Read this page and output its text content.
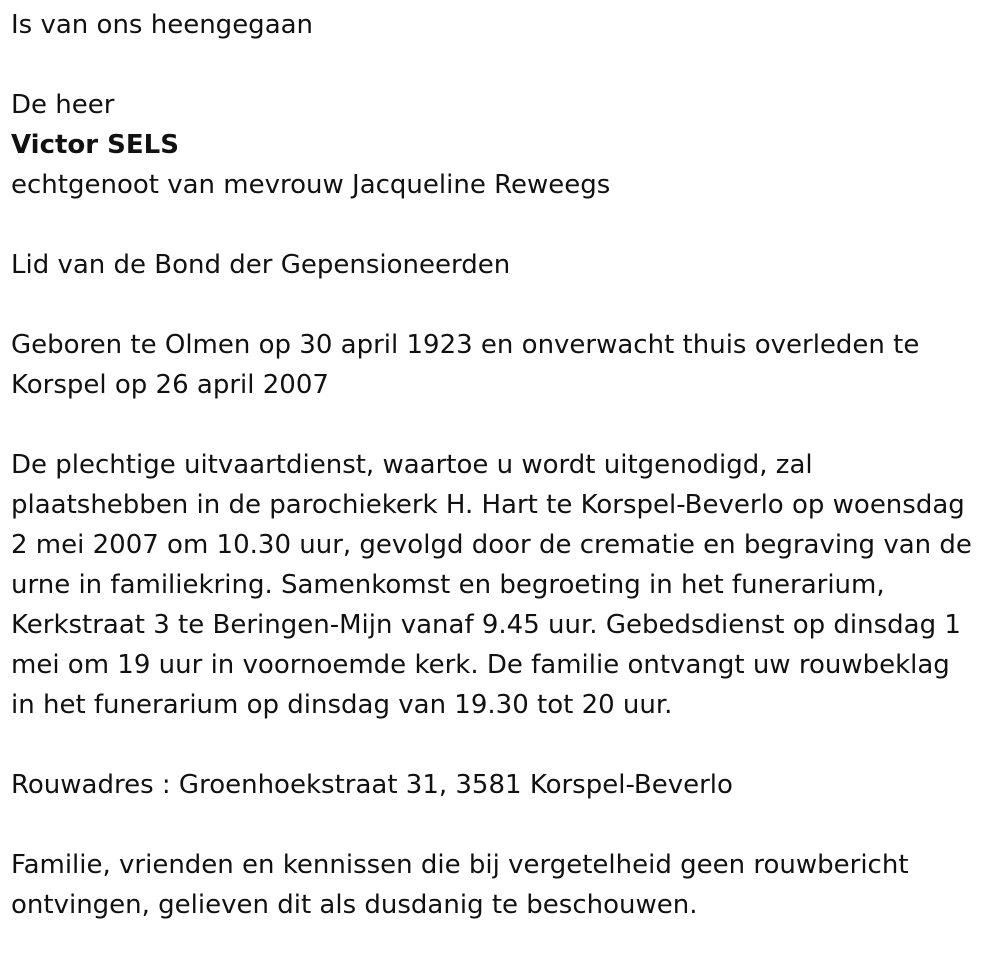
Is van ons heengegaan

De heer

Victor SELS

echtgenoot van mevrouw Jacqueline Reweegs

Lid van de Bond der Gepensioneerden

Geboren te Olmen op 30 april 1923 en onverwacht thuis overleden te

Korspel op 26 april 2007

De plechtige uitvaartdienst, waartoe u wordt uitgenodigd, zal

plaatshebben in de parochiekerk H. Hart te Korspel-Beverlo op woensdag

2 mei 2007 om 10.30 uur, gevolgd door de crematie en begraving van de

urne in familiekring. Samenkomst en begroeting in het funerarium,

Kerkstraat 3 te Beringen-Mijn vanaf 9.45 uur. Gebedsdienst op dinsdag 1

mei om 19 uur in voornoemde kerk. De familie ontvangt uw rouwbeklag

in het funerarium op dinsdag van 19.30 tot 20 uur.

Rouwadres : Groenhoekstraat 31, 3581 Korspel-Beverlo

Familie, vrienden en kennissen die bij vergetelheid geen rouwbericht

ontvingen, gelieven dit als dusdanig te beschouwen.
